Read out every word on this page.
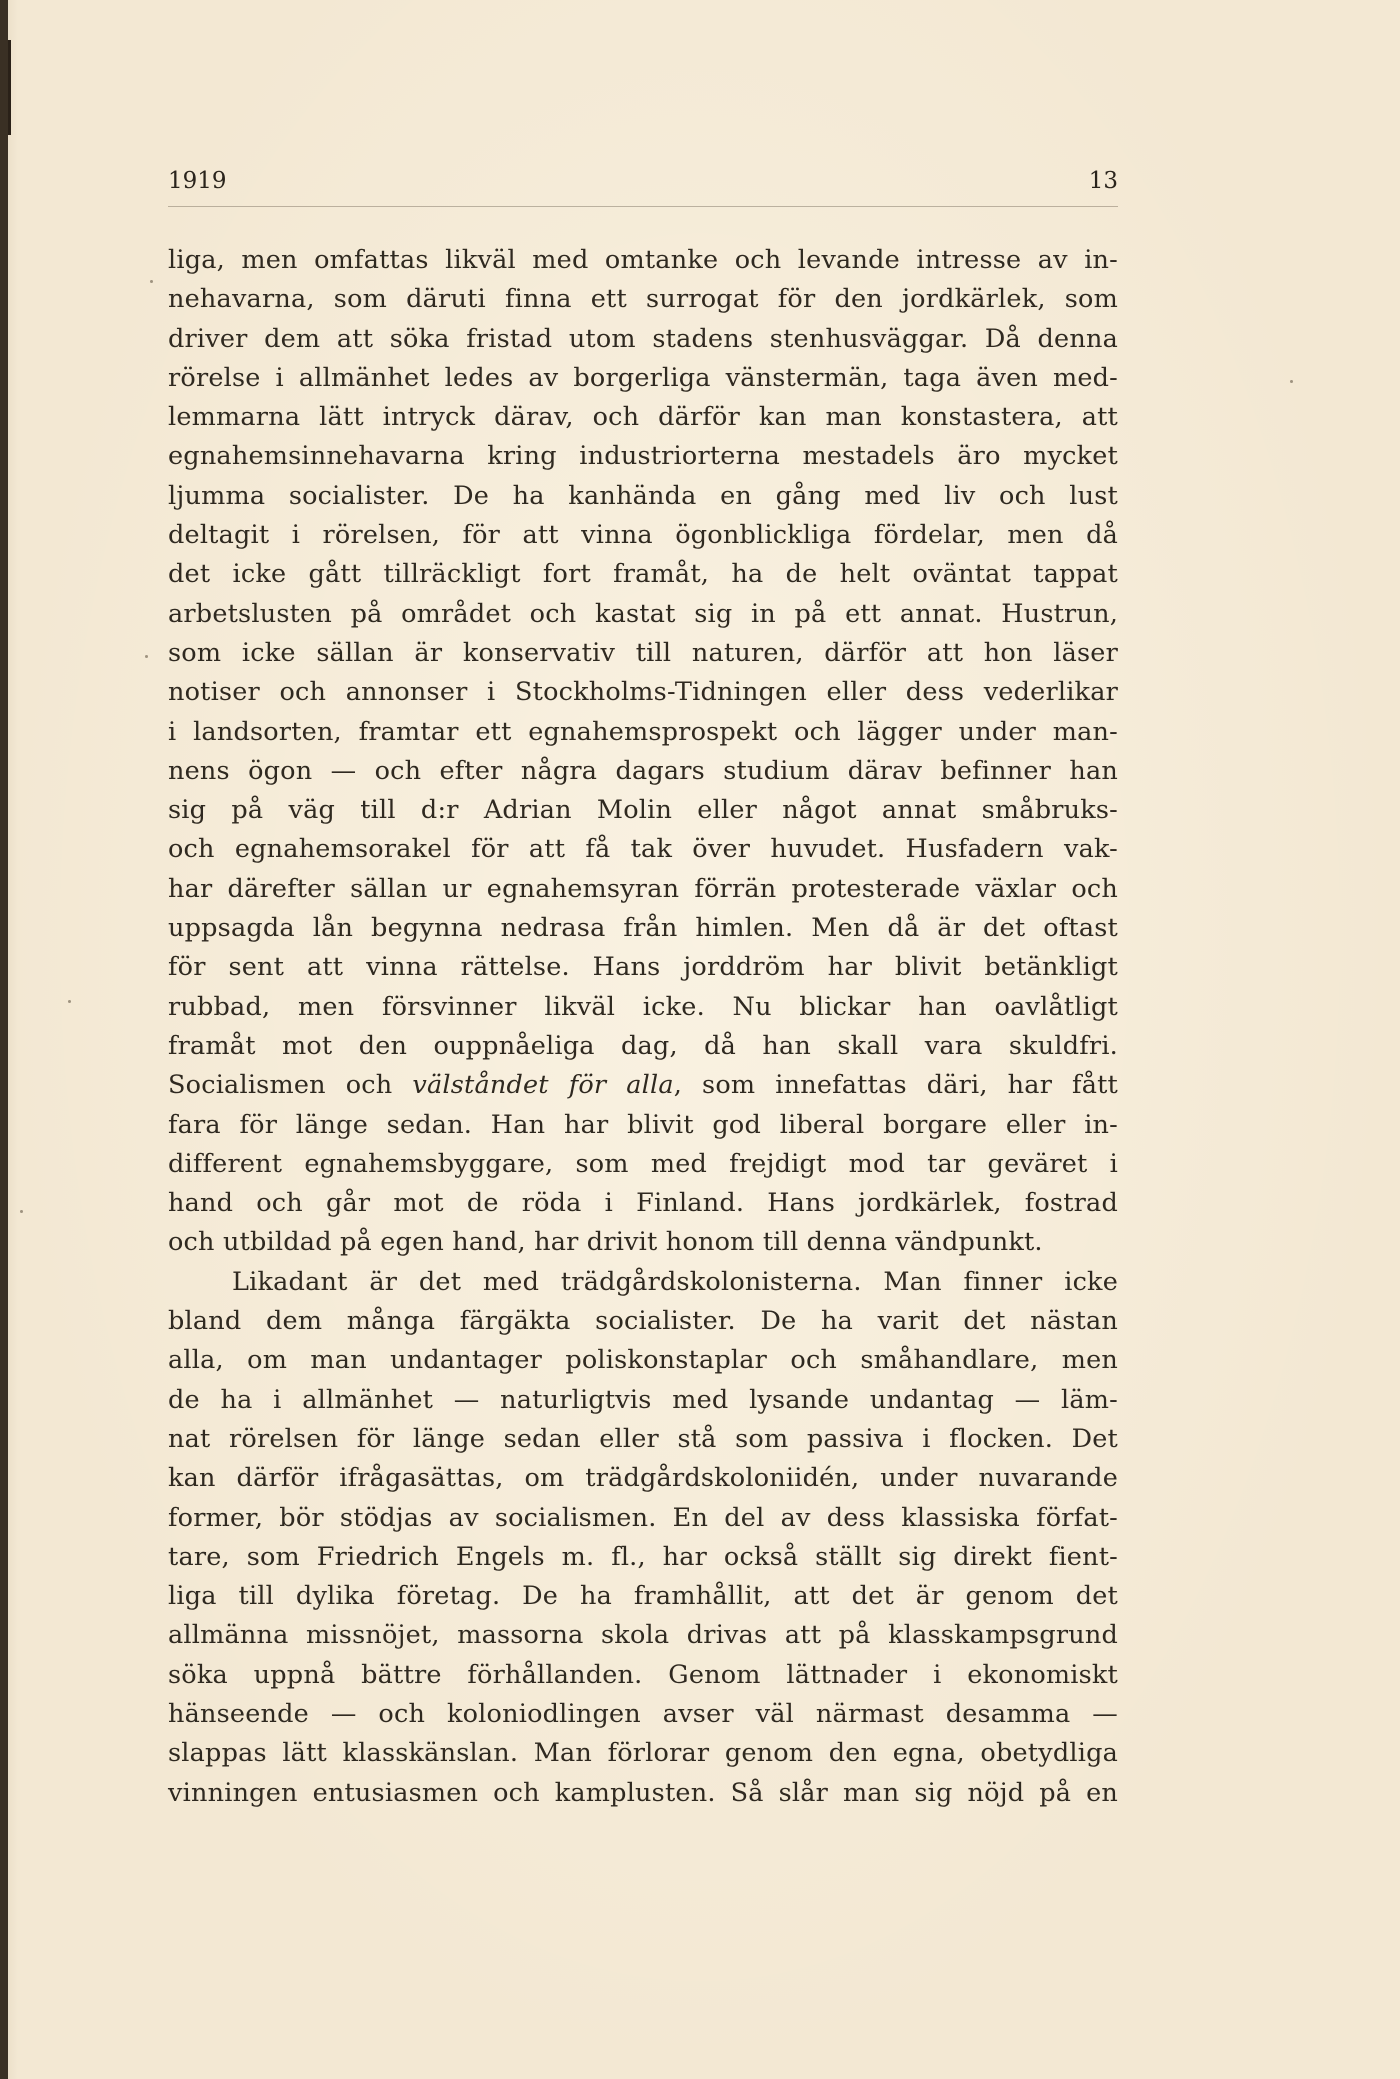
1919	13
liga, men omfattas likväl med omtanke och levande intresse av in-
nehavarna, som däruti finna ett surrogat för den jordkärlek, som
driver dem att söka fristad utom stadens stenhusväggar. Då denna
rörelse i allmänhet ledes av borgerliga vänstermän, taga även med-
lemmarna lätt intryck därav, och därför kan man konstastera, att
egnahemsinnehavarna kring industriorterna mestadels äro mycket
ljumma socialister. De ha kanhända en gång med liv och lust
deltagit i rörelsen, för att vinna ögonblickliga fördelar, men då
det icke gått tillräckligt fort framåt, ha de helt oväntat tappat
arbetslusten på området och kastat sig in på ett annat. Hustrun,
som icke sällan är konservativ till naturen, därför att hon läser
notiser och annonser i Stockholms-Tidningen eller dess vederlikar
i landsorten, framtar ett egnahemsprospekt och lägger under man-
nens ögon — och efter några dagars studium därav befinner han
sig på väg till d:r Adrian Molin eller något annat småbruks-
och egnahemsorakel för att få tak över huvudet. Husfadern vak-
har därefter sällan ur egnahemsyran förrän protesterade växlar och
uppsagda lån begynna nedrasa från himlen. Men då är det oftast
för sent att vinna rättelse. Hans jorddröm har blivit betänkligt
rubbad, men försvinner likväl icke. Nu blickar han oavlåtligt
framåt mot den ouppnåeliga dag, då han skall vara skuldfri.
Socialismen och välståndet för alla, som innefattas däri, har fått
fara för länge sedan. Han har blivit god liberal borgare eller in-
different egnahemsbyggare, som med frejdigt mod tar geväret i
hand och går mot de röda i Finland. Hans jordkärlek, fostrad
och utbildad på egen hand, har drivit honom till denna vändpunkt.
Likadant är det med trädgårdskolonisterna. Man finner icke
bland dem många färgäkta socialister. De ha varit det nästan
alla, om man undantager poliskonstaplar och småhandlare, men
de ha i allmänhet — naturligtvis med lysande undantag — läm-
nat rörelsen för länge sedan eller stå som passiva i flocken. Det
kan därför ifrågasättas, om trädgårdskoloniidén, under nuvarande
former, bör stödjas av socialismen. En del av dess klassiska förfat-
tare, som Friedrich Engels m. fl., har också ställt sig direkt fient-
liga till dylika företag. De ha framhållit, att det är genom det
allmänna missnöjet, massorna skola drivas att på klasskampsgrund
söka uppnå bättre förhållanden. Genom lättnader i ekonomiskt
hänseende — och koloniodlingen avser väl närmast desamma —
slappas lätt klasskänslan. Man förlorar genom den egna, obetydliga
vinningen entusiasmen och kamplusten. Så slår man sig nöjd på en
